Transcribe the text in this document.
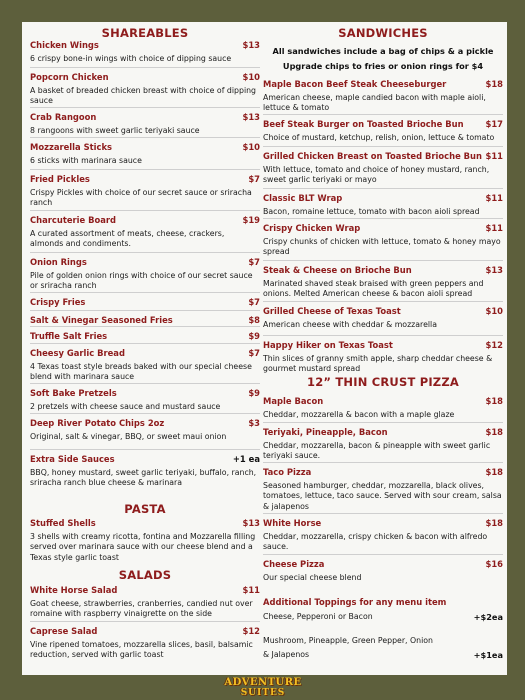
SHAREABLES
Chicken Wings	$13
6 crispy bone-in wings with choice of dipping sauce
Popcorn Chicken	$10
A basket of breaded chicken breast with choice of dipping sauce
Crab Rangoon	$13
8 rangoons with sweet garlic teriyaki sauce
Mozzarella Sticks	$10
6 sticks with marinara sauce
Fried Pickles	$7
Crispy Pickles with choice of our secret sauce or sriracha ranch
Charcuterie Board	$19
A curated assortment of meats, cheese, crackers, almonds and condiments.
Onion Rings	$7
Pile of golden onion rings with choice of our secret sauce or sriracha ranch
Crispy Fries	$7
Salt & Vinegar Seasoned Fries	$8
Truffle Salt Fries	$9
Cheesy Garlic Bread	$7
4 Texas toast style breads baked with our special cheese blend with marinara sauce
Soft Bake Pretzels	$9
2 pretzels with cheese sauce and mustard sauce
Deep River Potato Chips 2oz	$3
Original, salt & vinegar, BBQ, or sweet maui onion
Extra Side Sauces	+1 ea
BBQ, honey mustard, sweet garlic teriyaki, buffalo, ranch, sriracha ranch blue cheese & marinara
PASTA
Stuffed Shells	$13
3 shells with creamy ricotta, fontina and Mozzarella filling served over marinara sauce with our cheese blend and a Texas style garlic toast
SALADS
White Horse Salad	$11
Goat cheese, strawberries, cranberries, candied nut over romaine with raspberry vinaigrette on the side
Caprese Salad	$12
Vine ripened tomatoes, mozzarella slices, basil, balsamic reduction, served with garlic toast
SANDWICHES
All sandwiches include a bag of chips & a pickle
Upgrade chips to fries or onion rings for $4
Maple Bacon Beef Steak Cheeseburger	$18
American cheese, maple candied bacon with maple aioli, lettuce & tomato
Beef Steak Burger on Toasted Brioche Bun	$17
Choice of mustard, ketchup, relish, onion, lettuce & tomato
Grilled Chicken Breast on Toasted Brioche Bun $11
With lettuce, tomato and choice of honey mustard, ranch, sweet garlic teriyaki or mayo
Classic BLT Wrap	$11
Bacon, romaine lettuce, tomato with bacon aioli spread
Crispy Chicken Wrap	$11
Crispy chunks of chicken with lettuce, tomato & honey mayo spread
Steak & Cheese on Brioche Bun	$13
Marinated shaved steak braised with green peppers and onions. Melted American cheese & bacon aioli spread
Grilled Cheese of Texas Toast	$10
American cheese with cheddar & mozzarella
Happy Hiker on Texas Toast	$12
Thin slices of granny smith apple, sharp cheddar cheese & gourmet mustard spread
12” THIN CRUST PIZZA
Maple Bacon	$18
Cheddar, mozzarella & bacon with a maple glaze
Teriyaki, Pineapple, Bacon	$18
Cheddar, mozzarella, bacon & pineapple with sweet garlic teriyaki sauce.
Taco Pizza	$18
Seasoned hamburger, cheddar, mozzarella, black olives, tomatoes, lettuce, taco sauce. Served with sour cream, salsa & jalapenos
White Horse	$18
Cheddar, mozzarella, crispy chicken & bacon with alfredo sauce.
Cheese Pizza	$16
Our special cheese blend
Additional Toppings for any menu item
Cheese, Pepperoni or Bacon	+$2ea
Mushroom, Pineapple, Green Pepper, Onion
& Jalapenos	+$1ea
ADVENTURE
SUITES
